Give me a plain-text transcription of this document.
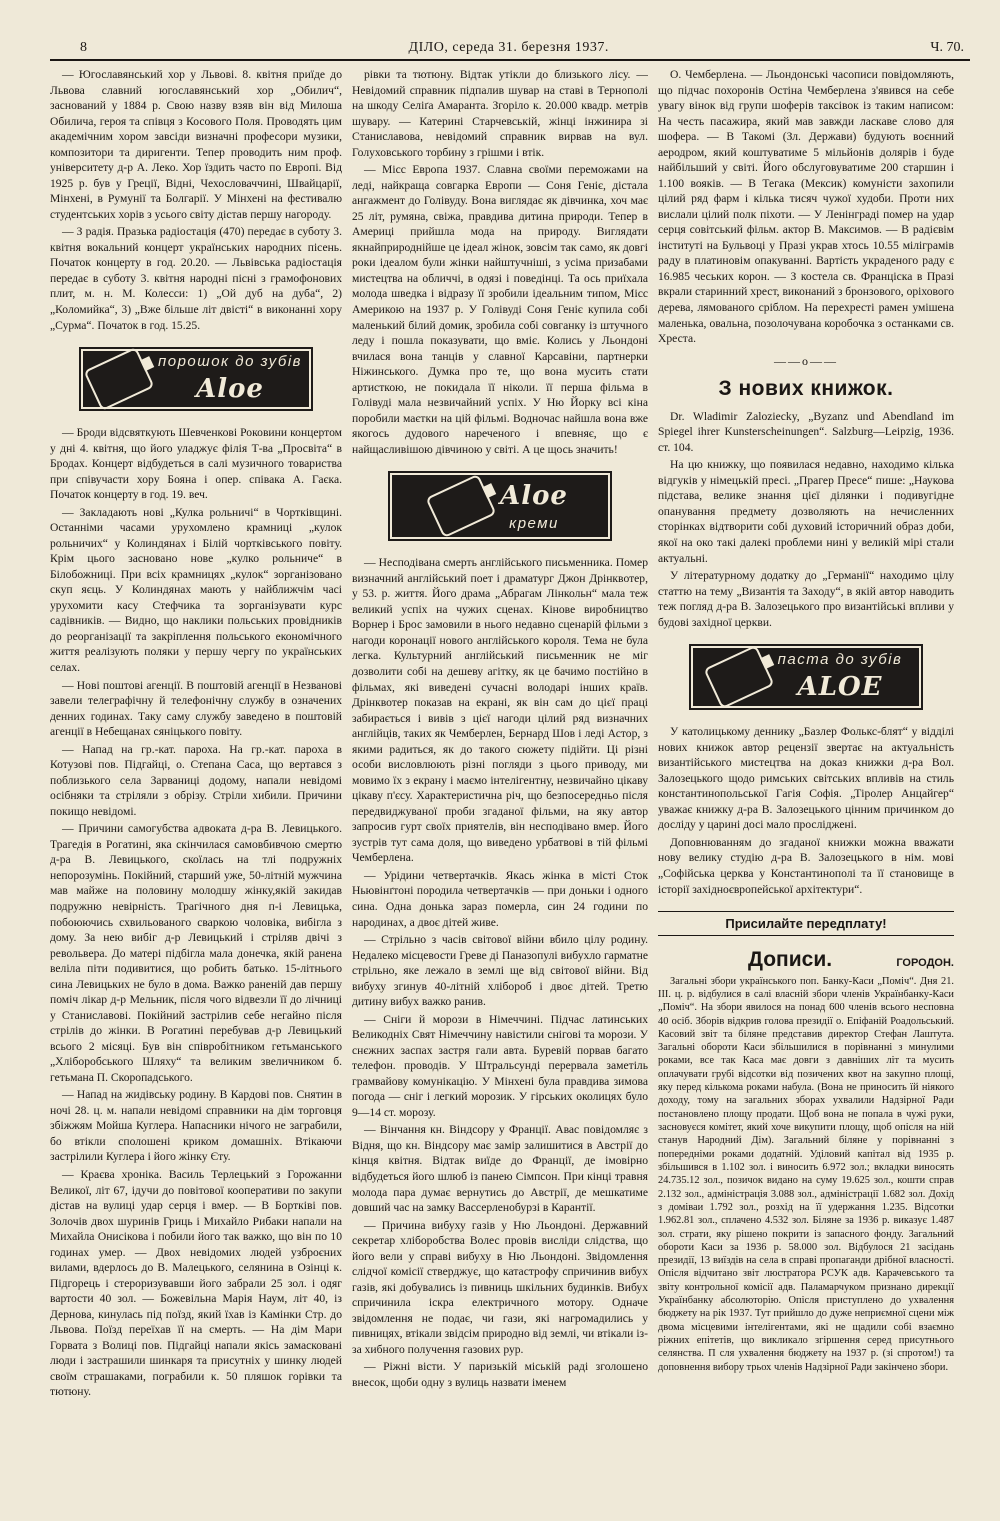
8	ДІЛО, середа 31. березня 1937.	Ч. 70.

— Югославянський хор у Львові. 8. квітня приїде до Львова славний югославянський хор „Обилич“, заснований у 1884 р. Свою назву взяв він від Милоша Обилича, героя та співця з Косового Поля. Проводять цим академічним хором завсіди визначні професори музики, композитори та диригенти. Тепер проводить ним проф. університету д-р А. Леко. Хор їздить часто по Европі. Від 1925 р. був у Греції, Відні, Чехословаччині, Швайцарії, Мінхені, в Румунії та Болгарії. У Мінхені на фестивалю студентських хорів з усього світу дістав першу нагороду.

— З радія. Празька радіостація (470) передає в суботу 3. квітня вокальний концерт українських народних пісень. Початок концерту в год. 20.20. — Львівська радіостація передає в суботу 3. квітня народні пісні з грамофонових плит, м. н. М. Колесси: 1) „Ой дуб на дуба“, 2) „Коломийка“, 3) „Вже більше літ двісті“ в виконанні хору „Сурма“. Початок в год. 15.25.

порошок до зубів
Aloe

— Броди відсвяткують Шевченкові Роковини концертом у дні 4. квітня, що його уладжує філія Т-ва „Просвіта“ в Бродах. Концерт відбудеться в салі музичного товариства при співучасти хору Бояна і опер. співака А. Гаєка. Початок концерту в год. 19. веч.

— Закладають нові „Кулка рольничі“ в Чортківщині. Останніми часами урухомлено крамниці „кулок рольничих“ у Колиндянах і Білій чортківського повіту. Крім цього засновано нове „кулко рольниче“ в Білобожниці. При всіх крамницях „кулок“ зорганізовано скуп яєць. У Колиндянах мають у найближчім часі урухомити касу Стефчика та зорганізувати курс садівників. — Видно, що наклики польських провідників до реорганізації та закріплення польського економічного життя реалізують поляки у першу чергу по українських селах.

— Нові поштові агенції. В поштовій агенції в Незванові завели телеграфічну й телефонічну службу в означених денних годинах. Таку саму службу заведено в поштовій агенції в Небещанах сяніцького повіту.

— Напад на гр.-кат. пароха. На гр.-кат. пароха в Котузові пов. Підгайці, о. Степана Саса, що вертався з поблизького села Зарваниці додому, напали невідомі осібняки та стріляли з обрізу. Стріли хибили. Причини покищо невідомі.

— Причини самогубства адвоката д-ра В. Левицького. Трагедія в Рогатині, яка скінчилася самовбивчою смертю д-ра В. Левицького, скоїлась на тлі подружніх непорозумінь. Покійний, старший уже, 50-літній мужчина мав майже на половину молодшу жінку,якій закидав подружню невірність. Трагічного дня п-і Левицька, побоюючись схвильованого сваркою чоловіка, вибігла з дому. За нею вибіг д-р Левицький і стріляв двічі з револьвера. До матері підбігла мала донечка, якій ранена веліла піти подивитися, що робить батько. 15-літнього сина Левицьких не було в дома. Важко раненій дав першу поміч лікар д-р Мельник, після чого відвезли її до лічниці у Станиславові. Покійний застрілив себе негайно після стрілів до жінки. В Рогатині перебував д-р Левицький всього 2 місяці. Був він співробітником гетьманського „Хліборобського Шляху“ та великим звеличником б. гетьмана П. Скоропадського.

— Напад на жидівську родину. В Кардові пов. Снятин в ночі 28. ц. м. напали невідомі справники на дім торговця збіжжям Мойша Куглера. Напасники нічого не заграбили, бо втікли сполошені криком домашніх. Втікаючи застрілили Куглера і його жінку Єту.

— Краєва хроніка. Василь Терлецький з Горожанни Великої, літ 67, ідучи до повітової кооперативи по закупи дістав на вулиці удар серця і вмер. — В Бортківі пов. Золочів двох шуринів Гриць і Михайло Рибаки напали на Михайла Онисікова і побили його так важко, що він по 10 годинах умер. — Двох невідомих людей узброєних вилами, вдерлось до В. Малецького, селянина в Озінці к. Підгорець і стероризувавши його забрали 25 зол. і одяг вартости 40 зол. — Божевільна Марія Наум, літ 40, із Дернова, кинулась під поїзд, який їхав із Камінки Стр. до Львова. Поїзд переїхав її на смерть. — На дім Мари Горвата з Волиці пов. Підгайці напали якісь замасковані люди і застрашили шинкаря та присутніх у шинку людей своїм страшаками, пограбили к. 50 пляшок горівки та тютюну.

рівки та тютюну. Відтак утікли до близького лісу. — Невідомий справник підпалив шувар на ставі в Тернополі на шкоду Селіґа Амаранта. Згоріло к. 20.000 квадр. метрів шувару. — Катерині Старчевській, жінці інжинира зі Станиславова, невідомий справник вирвав на вул. Голуховського торбину з грішми і втік.

— Місс Европа 1937. Славна своїми переможами на леді, найкраща совгарка Европи — Соня Геніє, дістала ангажмент до Голівуду. Вона виглядає як дівчинка, хоч має 25 літ, румяна, свіжа, правдива дитина природи. Тепер в Америці прийшла мода на природу. Виглядати якнайприроднійше це ідеал жінок, зовсім так само, як довгі роки ідеалом були жінки найштучніші, з усіма призабами мистецтва на обличчі, в одязі і поведінці. Та ось приїхала молода шведка і відразу її зробили ідеальним типом, Місс Америкою на 1937 р. У Голівуді Соня Геніє купила собі маленький білий домик, зробила собі совганку із штучного леду і пошла показувати, що вміє. Колись у Льондоні вчилася вона танців у славної Карсавіни, партнерки Ніжинського. Думка про те, що вона мусить стати артисткою, не покидала її ніколи. її перша фільма в Голівуді мала незвичайний успіх. У Ню Йорку всі кіна поробили маєтки на цій фільмі. Водночас найшла вона вже якогось дудового нареченого і впевняє, що є найщасливішою дівчиною у світі. А це щось значить!

Aloe
креми

— Несподівана смерть англійського письменника. Помер визначний англійський поет і драматург Джон Дрінквотер, у 53. р. життя. Його драма „Абрагам Лінкольн“ мала теж великий успіх на чужих сценах. Кінове виробництво Ворнер і Брос замовили в нього недавно сценарій фільми з нагоди коронації нового англійського короля. Тема не була легка. Культурний англійський письменник не міг дозволити собі на дешеву агітку, як це бачимо постійно в фільмах, які виведені сучасні володарі інших країв. Дрінквотер показав на екрані, як він сам до цієї праці забирається і вивів з цієї нагоди цілий ряд визначних англійців, таких як Чемберлен, Бернард Шов і леді Астор, з якими радиться, як до такого сюжету підійти. Ці різні особи висловлюють різні погляди з цього приводу, ми мовимо їх з екрану і маємо інтелігентну, незвичайно цікаву цікаву п'єсу. Характеристична річ, що безпосередньо після передвиджуваної проби згаданої фільми, на яку автор запросив гурт своїх приятелів, він несподівано вмер. Його зустрів тут сама доля, що виведено урбатвові в тій фільмі Чемберлена.

— Урідини четвертачків. Якась жінка в місті Сток Ньювінґтоні породила четвертачків — при доньки і одного сина. Одна донька зараз померла, син 24 години по народинах, а двоє дітей живе.

— Стрільно з часів світової війни вбило цілу родину. Недалеко місцевости Греве ді Паназопулі вибухло гарматне стрільно, яке лежало в землі ще від світової війни. Від вибуху згинув 40-літній хлібороб і двоє дітей. Третю дитину вибух важко ранив.

— Сніги й морози в Німеччині. Підчас латинських Великодніх Свят Німеччину навістили снігові та морози. У снєжних заспах застря гали авта. Буревій порвав багато телефон. проводів. У Штральсунді перервала заметіль грамвайову комунікацію. У Мінхені була правдива зимова погода — сніг і легкий морозик. У гірських околицях було 9—14 ст. морозу.

— Вінчання кн. Віндсору у Франції. Авас повідомляє з Відня, що кн. Віндсору має замір залишитися в Австрії до кінця квітня. Відтак виїде до Франції, де імовірно відбудеться його шлюб із панею Сімпсон. При кінці травня молода пара думає вернутись до Австрії, де мешкатиме довший час на замку Вассерленобурзі в Карантії.

— Причина вибуху газів у Ню Льондоні. Державний секретар хліборобства Волес провів висліди слідства, що його вели у справі вибуху в Ню Льондоні. Звідомлення слідчої комісії стверджує, що катастрофу спричинив вибух газів, які добувались із пивниць шкільних будинків. Вибух спричинила іскра електричного мотору. Одначе звідомлення не подає, чи гази, які нагромадились у пивницях, втікали звідсім природно від землі, чи втікали із-за хибного получення газових рур.

— Ріжні вісти. У паризькій міській раді зголошено внесок, щоби одну з вулиць назвати іменем

О. Чемберлена. — Льондонські часописи повідомляють, що підчас похоронів Остіна Чемберлена з'явився на себе увагу вінок від групи шоферів таксівок із таким написом: На честь пасажира, який мав завжди ласкаве слово для шофера. — В Такомі (Зл. Держави) будують воєнний аеродром, який коштуватиме 5 мільйонів долярів і буде найбільший у світі. Його обслуговуватиме 200 старшин і 1.100 вояків. — В Тегака (Мексик) комуністи захопили цілий ряд фарм і кілька тисяч чужої худоби. Проти них вислали цілий полк піхоти. — У Ленінграді помер на удар серця совітський фільм. актор В. Максимов. — В радієвім інституті на Бульвоці у Празі украв хтось 10.55 міліграмів раду в платиновім опакуванні. Вартість украденого раду є 16.985 чеських корон. — З костела св. Франціска в Празі вкрали старинний хрест, виконаний з бронзового, оріхового дерева, лямованого сріблом. На перехресті рамен умішена маленька, овальна, позолочувана коробочка з останками св. Хреста.

——o——
З нових книжок.

Dr. Wladimir Zaloziecky, „Byzanz und Abendland im Spiegel ihrer Kunsterscheinungen“. Salzburg—Leipzig, 1936. ст. 104.

На цю книжку, що появилася недавно, находимо кілька відгуків у німецькій пресі. „Прагер Пресе“ пише: „Наукова підстава, велике знання цієї ділянки і подивугідне опанування предмету дозволяють на нечисленних сторінках відтворити собі духовий історичний образ доби, якої на око такі далекі проблеми нині у великій мірі стали актуальні.

У літературному додатку до „Германії“ находимо цілу статтю на тему „Византія та Заходу“, в якій автор наводить теж погляд д-ра В. Залозецького про византійські впливи у будові західної церкви.

паста до зубів
ALOE

У католицькому деннику „Базлер Фолькс-блят“ у відділі нових книжок автор рецензії звертає на актуальність византійського мистецтва на доказ книжки д-ра Вол. Залозецького щодо римських світських впливів на стиль константинопольської Гагія Софія. „Тіролер Анцайгер“ уважає книжку д-ра В. Залозецького цінним причинком до досліду у царині досі мало просліджені.

Доповнюванням до згаданої книжки можна вважати нову велику студію д-ра В. Залозецького в нім. мові „Софійська церква у Константинополі та її становище в історії західноєвропейської архітектури“.

Присилайте передплату!
Дописи.	ГОРОДОН.

Загальні збори українського поп. Банку-Каси „Поміч“. Дня 21. III. ц. р. відбулися в салі власній збори членів Українбанку-Каси „Поміч“. На збори явилося на понад 600 членів всього несповна 40 осіб. Зборів відкрив голова президії о. Епіфаній Роадольський. Касовий звіт та біляне представив директор Стефан Лаштута. Загальні обороти Каси збільшилися в порівнанні з минулими роками, все так Каса має довги з давніших літ та мусить оплачувати грубі відсотки від позичених квот на закупно площі, яку перед кількома роками набула. (Вона не приносить їй ніякого доходу, тому на загальних зборах ухвалили Надзірної Ради постановлено площу продати. Щоб вона не попала в чужі руки, засновуєся комітет, який хоче викупити площу, щоб опісля на ній станув Народний Дім). Загальний біляне у порівнанні з попередніми роками додатній. Уділовий капітал від 1935 р. збільшився в 1.102 зол. і виносить 6.972 зол.; вкладки виносять 24.735.12 зол., позичок видано на суму 19.625 зол., кошти справ 2.132 зол., адміністрація 3.088 зол., адміністрації 1.682 зол. Дохід з доміваи 1.792 зол., розхід на її удержання 1.235. Відсотки 1.962.81 зол., сплачено 4.532 зол. Біляне за 1936 р. виказує 1.487 зол. страти, яку рішено покрити із запасного фонду. Загальний обороти Каси за 1936 р. 58.000 зол. Відбулося 21 засідань президії, 13 виїздів на села в справі пропаганди дрібної власності. Опісля відчитано звіт люстратора РСУК адв. Карачевського та звіту контрольної комісії адв. Паламарчуком признано дирекції Українбанку абсолюторію. Опісля приступлено до ухвалення бюджету на рік 1937. Тут прийшло до дуже неприємної сцени між двома місцевими інтелігентами, які не щадили собі взаємно ріжних епітетів, що викликало згіршення серед присутнього селянства. П сля ухвалення бюджету на 1937 р. (зі спротом!) та доповнення вибору трьох членів Надзірної Ради закінчено збори.
